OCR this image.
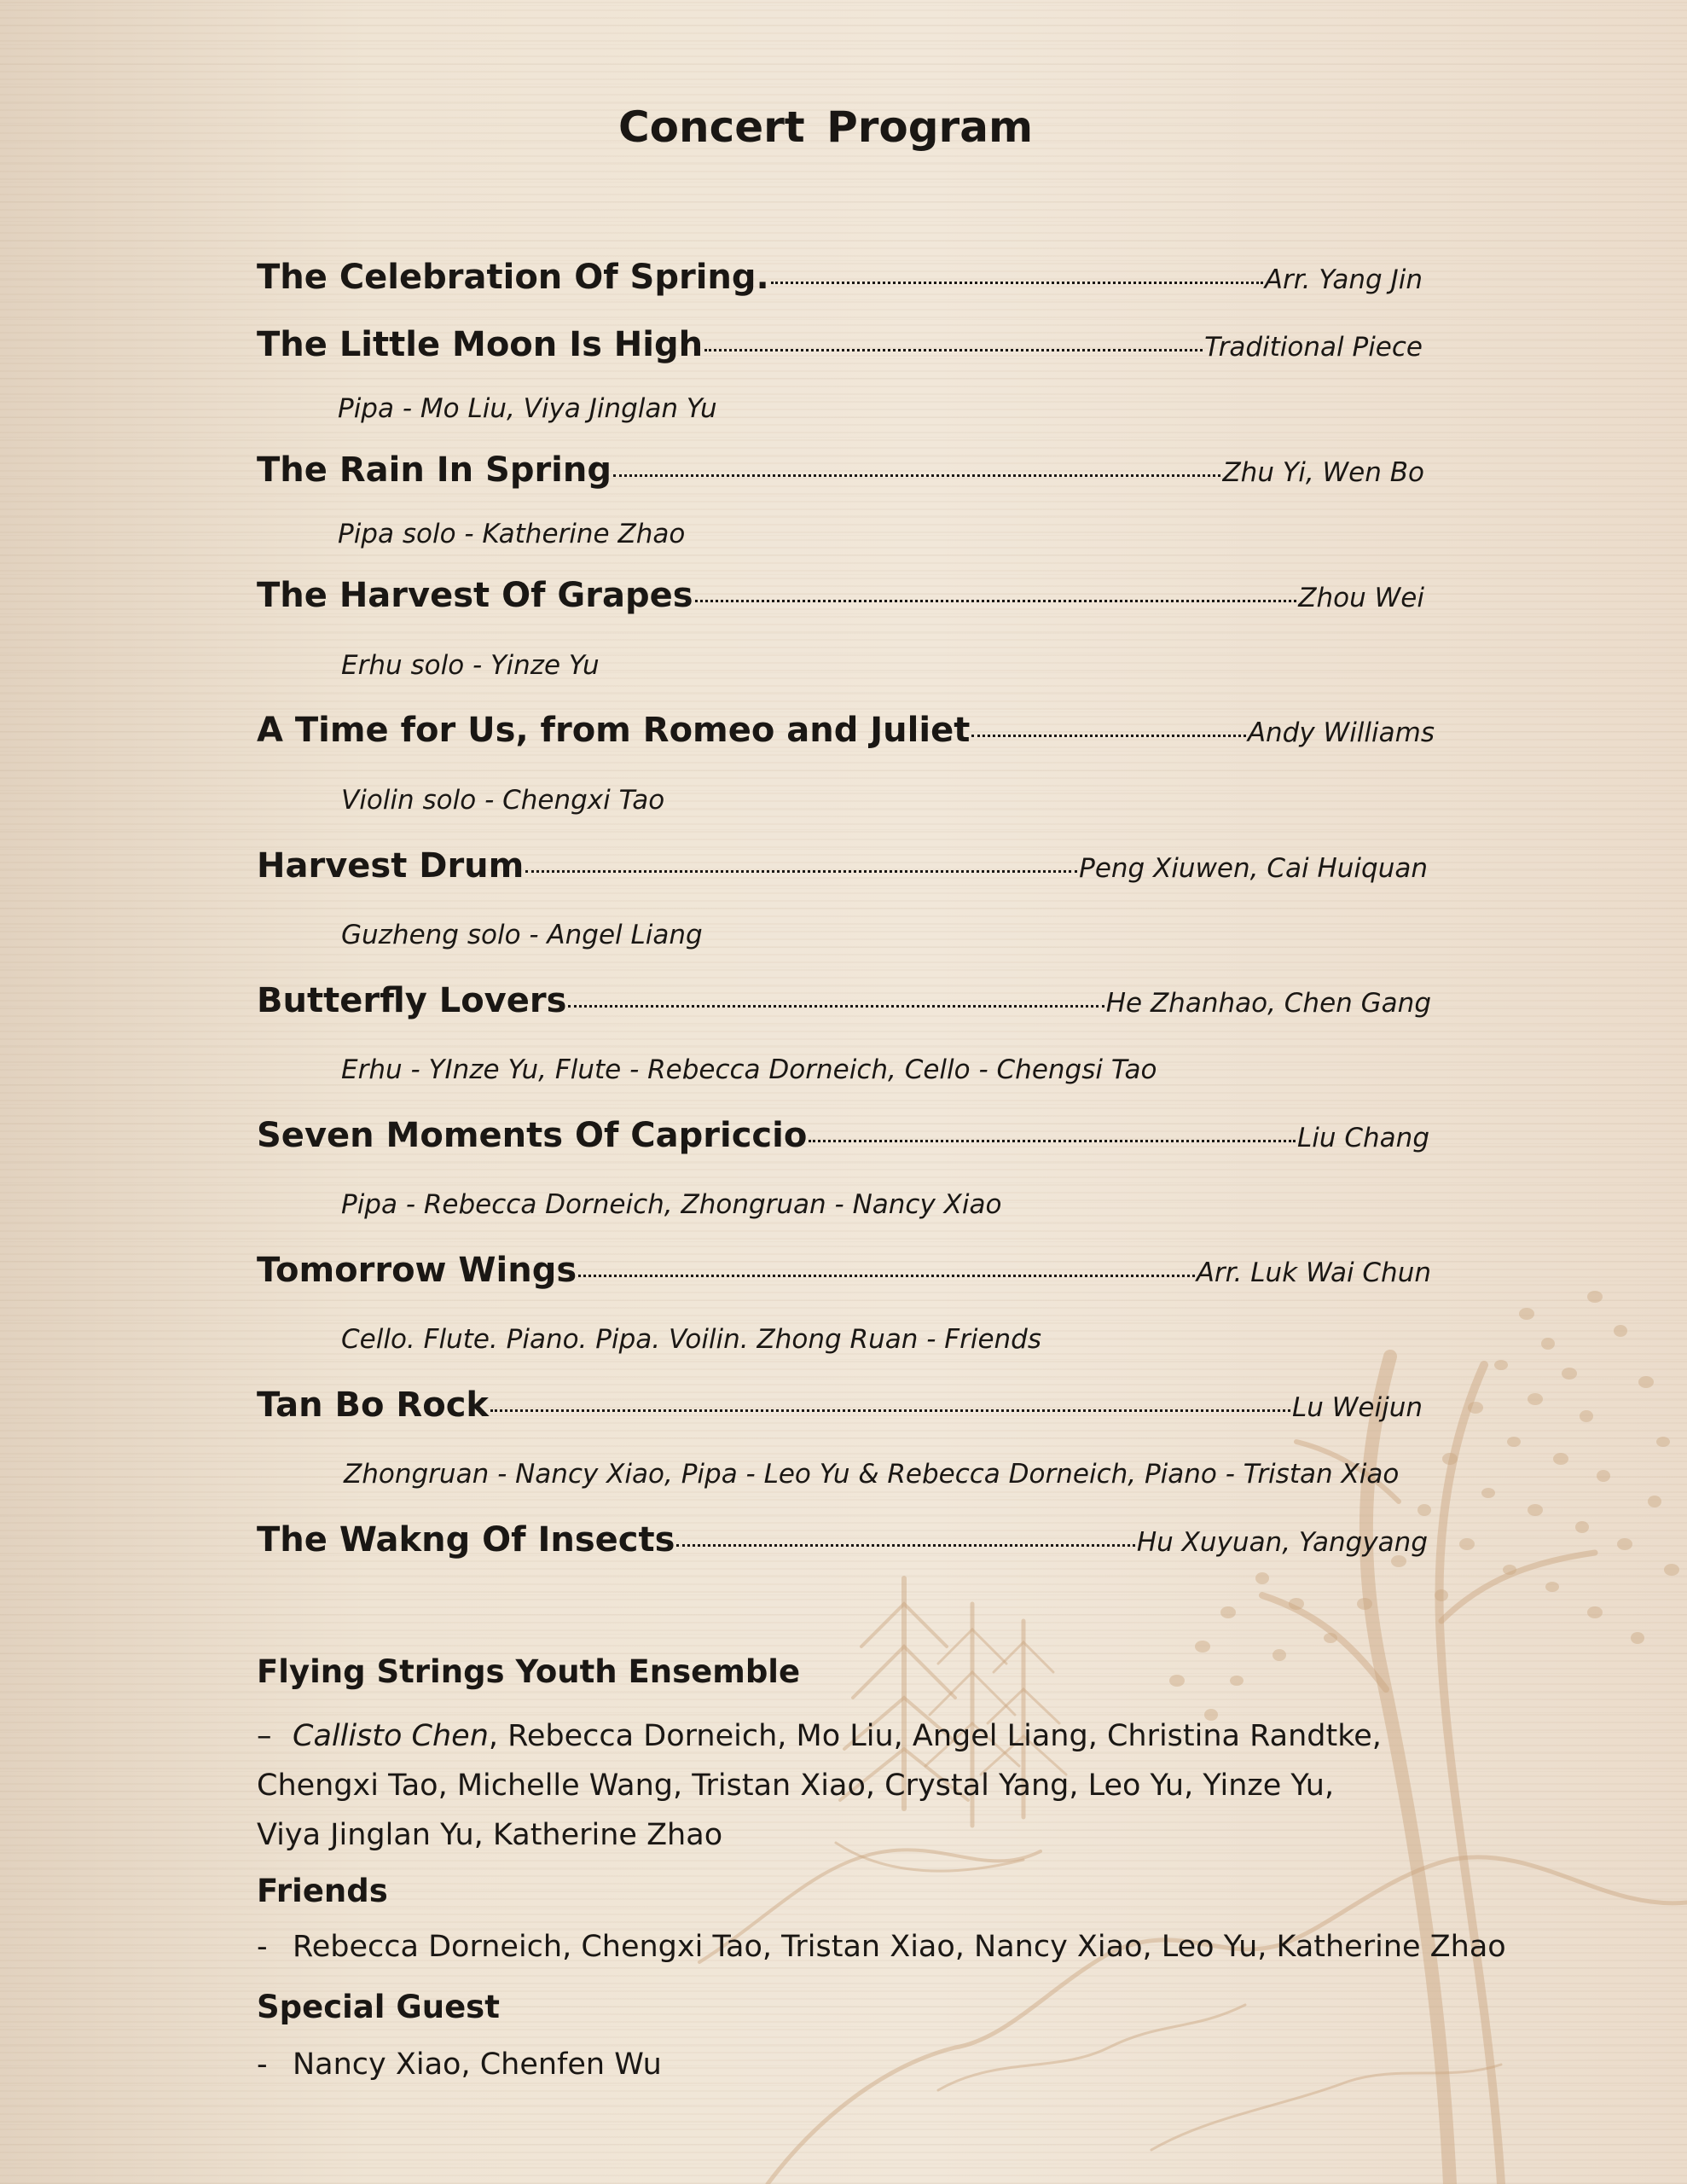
Concert Program
The Celebration Of Spring.	Arr. Yang Jin
The Little Moon Is High	Traditional Piece
Pipa - Mo Liu, Viya Jinglan Yu
The Rain In Spring	Zhu Yi, Wen Bo
Pipa solo - Katherine Zhao
The Harvest Of Grapes	Zhou Wei
Erhu solo - Yinze Yu
A Time for Us, from Romeo and Juliet	Andy Williams
Violin solo - Chengxi Tao
Harvest Drum	Peng Xiuwen, Cai Huiquan
Guzheng solo - Angel Liang
Butterfly Lovers	He Zhanhao, Chen Gang
Erhu - YInze Yu, Flute - Rebecca Dorneich, Cello - Chengsi Tao
Seven Moments Of Capriccio	Liu Chang
Pipa - Rebecca Dorneich, Zhongruan - Nancy Xiao
Tomorrow Wings	Arr. Luk Wai Chun
Cello. Flute. Piano. Pipa. Voilin. Zhong Ruan - Friends
Tan Bo Rock	Lu Weijun
Zhongruan - Nancy Xiao, Pipa - Leo Yu & Rebecca Dorneich, Piano - Tristan Xiao
The Wakng Of Insects	Hu Xuyuan, Yangyang
Flying Strings Youth Ensemble
– Callisto Chen, Rebecca Dorneich, Mo Liu, Angel Liang, Christina Randtke,
Chengxi Tao, Michelle Wang, Tristan Xiao, Crystal Yang, Leo Yu, Yinze Yu,
Viya Jinglan Yu, Katherine Zhao
Friends
- Rebecca Dorneich, Chengxi Tao, Tristan Xiao, Nancy Xiao, Leo Yu, Katherine Zhao
Special Guest
- Nancy Xiao, Chenfen Wu
